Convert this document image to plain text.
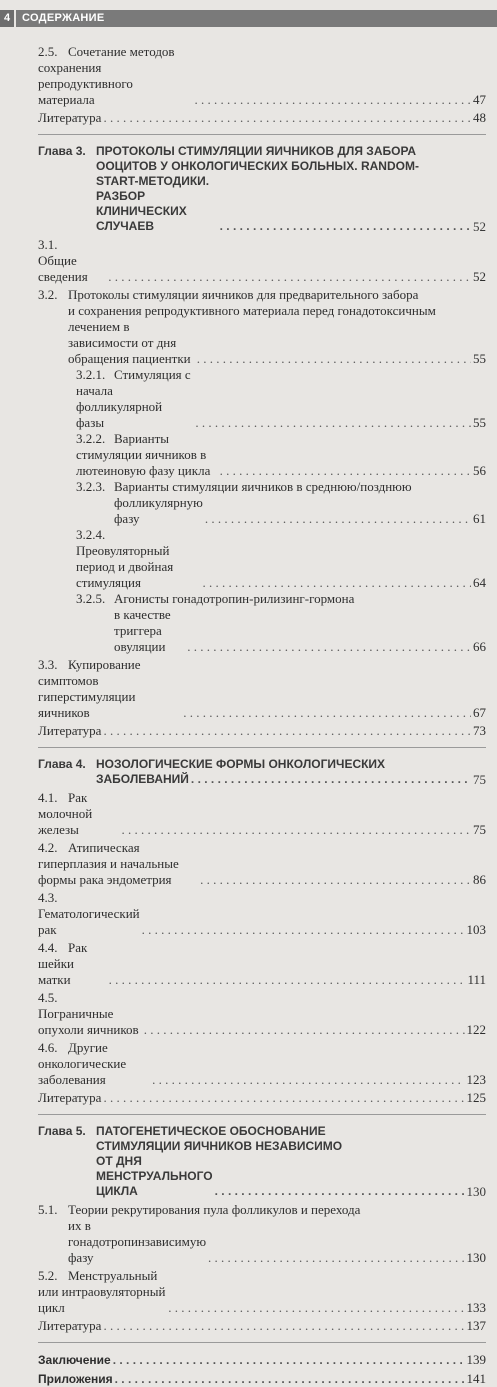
4	СОДЕРЖАНИЕ
2.5. Сочетание методов сохранения репродуктивного материала . . .	47
Литература . . .	48
Глава 3. ПРОТОКОЛЫ СТИМУЛЯЦИИ ЯИЧНИКОВ ДЛЯ ЗАБОРА
ООЦИТОВ У ОНКОЛОГИЧЕСКИХ БОЛЬНЫХ. RANDOM-
START-МЕТОДИКИ. РАЗБОР КЛИНИЧЕСКИХ СЛУЧАЕВ . . .	52
3.1.Общие сведения . . .	52
3.2. Протоколы стимуляции яичников для предварительного забора
и сохранения репродуктивного материала перед гонадотоксичным
лечением в зависимости от дня обращения пациентки . . .	55
3.2.1. Стимуляция с начала фолликулярной фазы . . .	55
3.2.2. Варианты стимуляции яичников в лютеиновую фазу цикла . . .	56
3.2.3. Варианты стимуляции яичников в среднюю/позднюю
фолликулярную фазу . . .	61
3.2.4.Преовуляторный период и двойная стимуляция . . .	64
3.2.5. Агонисты гонадотропин-рилизинг-гормона
в качестве триггера овуляции . . .	66
3.3. Купирование симптомов гиперстимуляции яичников . . .	67
Литература . . .	73
Глава 4. НОЗОЛОГИЧЕСКИЕ ФОРМЫ ОНКОЛОГИЧЕСКИХ
ЗАБОЛЕВАНИЙ . . .	75
4.1. Рак молочной железы . . .	75
4.2. Атипическая гиперплазия и начальные формы рака эндометрия . . .	86
4.3.Гематологический рак . . .	103
4.4. Рак шейки матки . . .	111
4.5.Пограничные опухоли яичников . . .	122
4.6. Другие онкологические заболевания . . .	123
Литература . . .	125
Глава 5. ПАТОГЕНЕТИЧЕСКОЕ ОБОСНОВАНИЕ
СТИМУЛЯЦИИ ЯИЧНИКОВ НЕЗАВИСИМО
ОТ ДНЯ МЕНСТРУАЛЬНОГО ЦИКЛА . . .	130
5.1. Теории рекрутирования пула фолликулов и перехода
их в гонадотропинзависимую фазу . . .	130
5.2. Менструальный или интраовуляторный цикл . . .	133
Литература . . .	137
Заключение . . .	139
Приложения . . .	141
